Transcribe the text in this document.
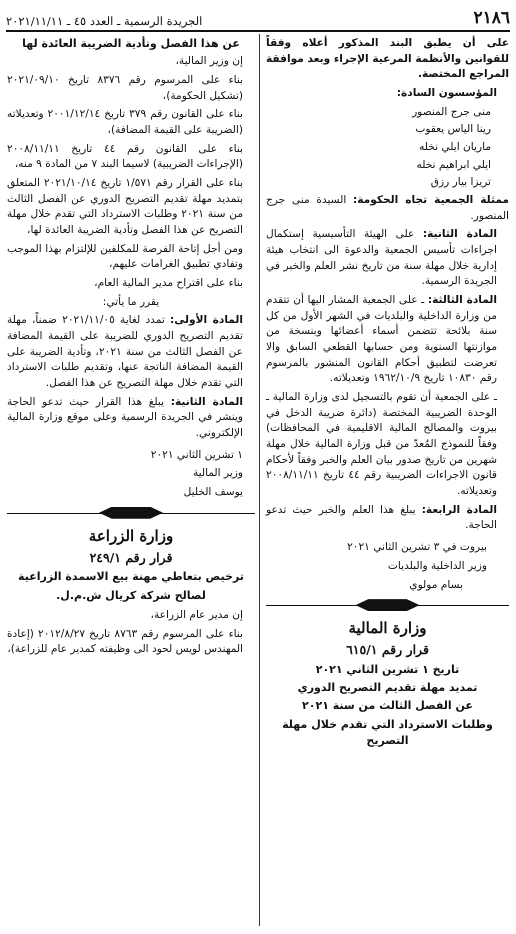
٢١٨٦
الجريدة الرسمية ـ العدد ٤٥ ـ ٢٠٢١/١١/١١

على أن يطبق البند المذكور أعلاه وفقاً للقوانين والأنظمة المرعية الإجراء وبعد موافقة المراجع المختصة.

المؤسسون السادة:

منى جرج المنصور

رينا الياس يعقوب

ماريان ايلي نخله

ايلي ابراهيم نخله

تريزا بيار رزق

ممثلة الجمعية تجاه الحكومة: السيدة منى جرج المنصور.

المادة الثانية: على الهيئة التأسيسية إستكمال اجراءات تأسيس الجمعية والدعوة الى انتخاب هيئة إدارية خلال مهلة سنة من تاريخ نشر العلم والخبر في الجريدة الرسمية.

المادة الثالثة: ـ على الجمعية المشار اليها أن تتقدم من وزارة الداخلية والبلديات في الشهر الأول من كل سنة بلائحة تتضمن أسماء أعضائها وبنسخة من موازنتها السنوية ومن حسابها القطعي السابق والا تعرضت لتطبيق أحكام القانون المنشور بالمرسوم رقم ١٠٨٣٠ تاريخ ١٩٦٢/١٠/٩ وتعديلاته.

ـ على الجمعية أن تقوم بالتسجيل لدى وزارة المالية ـ الوحدة الضريبية المختصة (دائرة ضريبة الدخل في بيروت والمصالح المالية الاقليمية في المحافظات) وفقاً للنموذج المُعدّ من قبل وزارة المالية خلال مهلة شهرين من تاريخ صدور بيان العلم والخبر وفقاً لأحكام قانون الاجراءات الضريبية رقم ٤٤ تاريخ ٢٠٠٨/١١/١١ وتعديلاته.

المادة الرابعة: يبلغ هذا العلم والخبر حيث تدعو الحاجة.

بيروت في ٣ تشرين الثاني ٢٠٢١

وزير الداخلية والبلديات

بسام مولوي

وزارة المالية

قرار رقم ٦١٥/١

تاريخ ١ تشرين الثاني ٢٠٢١

تمديد مهلة تقديم التصريح الدوري

عن الفصل الثالث من سنة ٢٠٢١

وطلبات الاسترداد التي تقدم خلال مهلة التصريح

عن هذا الفصل وتأدية الضريبة العائدة لها

إن وزير المالية،

بناء على المرسوم رقم ٨٣٧٦ تاريخ ٢٠٢١/٠٩/١٠ (تشكيل الحكومة)،

بناء على القانون رقم ٣٧٩ تاريخ ٢٠٠١/١٢/١٤ وتعديلاته (الضريبة على القيمة المضافة)،

بناء على القانون رقم ٤٤ تاريخ ٢٠٠٨/١١/١١ (الإجراءات الضريبية) لاسيما البند ٧ من المادة ٩ منه،

بناء على القرار رقم ١/٥٧١ تاريخ ٢٠٢١/١٠/١٤ المتعلق بتمديد مهلة تقديم التصريح الدوري عن الفصل الثالث من سنة ٢٠٢١ وطلبات الاسترداد التي تقدم خلال مهلة التصريح عن هذا الفصل وتأدية الضريبة العائدة لها،

ومن أجل إتاحة الفرصة للمكلفين للإلتزام بهذا الموجب وتفادي تطبيق الغرامات عليهم،

بناء على اقتراح مدير المالية العام،

يقرر ما يأتي:

المادة الأولى: تمدد لغاية ٢٠٢١/١١/٠٥ ضمناً، مهلة تقديم التصريح الدوري للضريبة على القيمة المضافة عن الفصل الثالث من سنة ٢٠٢١، وتأدية الضريبة على القيمة المضافة الناتجة عنها، وتقديم طلبات الاسترداد التي تقدم خلال مهلة التصريح عن هذا الفصل.

المادة الثانية: يبلغ هذا القرار حيث تدعو الحاجة وينشر في الجريدة الرسمية وعلى موقع وزارة المالية الإلكتروني.

١ تشرين الثاني ٢٠٢١

وزير المالية

يوسف الخليل

وزارة الزراعة

قرار رقم ٢٤٩/١

ترخيص بتعاطي مهنة بيع الاسمدة الزراعية

لصالح شركة كريال ش.م.ل.

إن مدير عام الزراعة،

بناء على المرسوم رقم ٨٧٦٣ تاريخ ٢٠١٢/٨/٢٧ (إعادة المهندس لويس لحود الى وظيفته كمدير عام للزراعة)،
